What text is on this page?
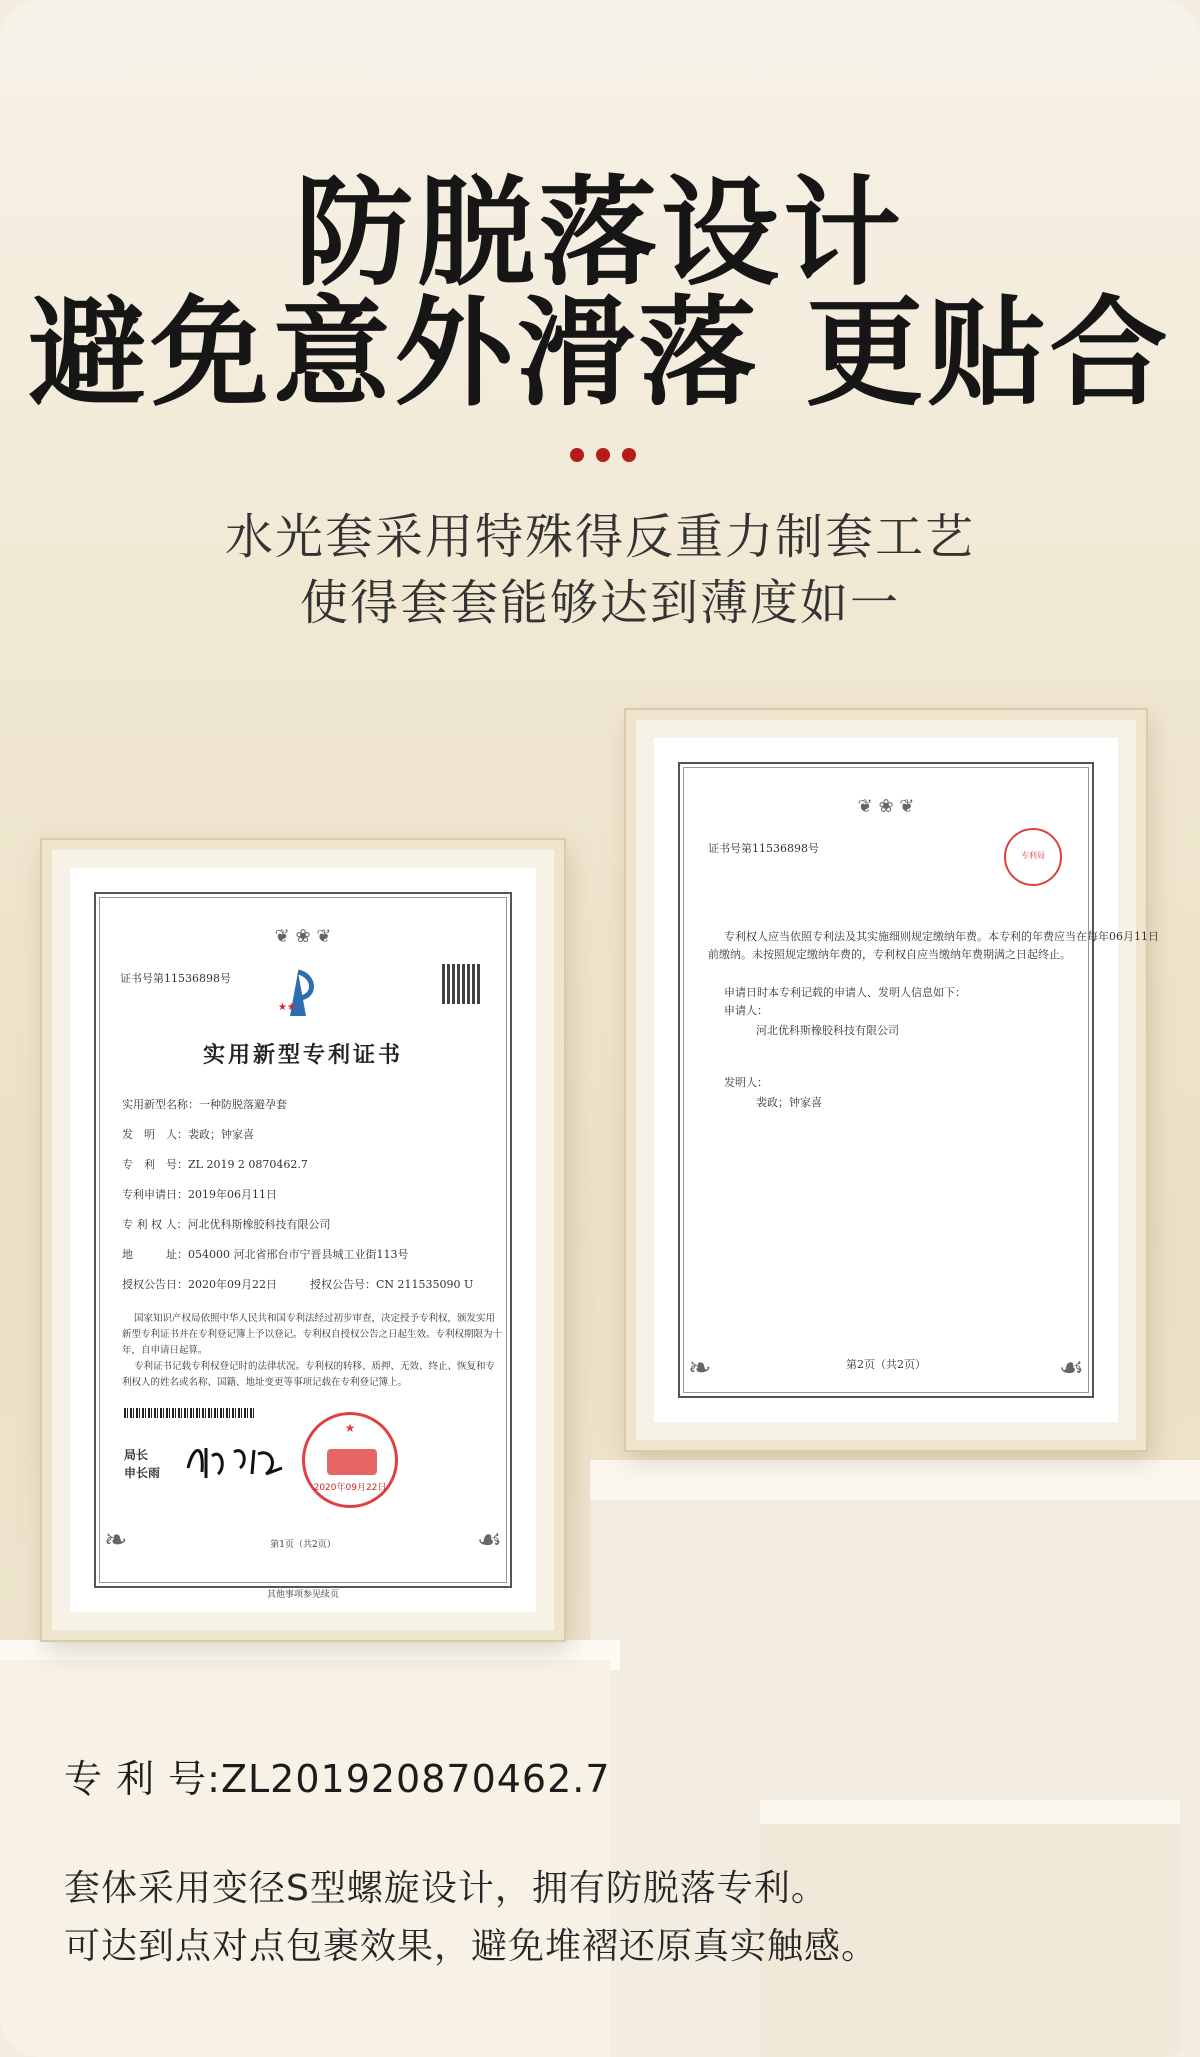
防脱落设计
避免意外滑落 更贴合
水光套采用特殊得反重力制套工艺
使得套套能够达到薄度如一
❦ ❀ ❦
❧	☙
证书号第11536898号
专利局
专利权人应当依照专利法及其实施细则规定缴纳年费。本专利的年费应当在每年06月11日
前缴纳。未按照规定缴纳年费的，专利权自应当缴纳年费期满之日起终止。
申请日时本专利记载的申请人、发明人信息如下：
申请人：
河北优科斯橡胶科技有限公司
发明人：
裴政；钟家喜
第2页（共2页）
❦ ❀ ❦
❧	☙
证书号第11536898号
★★
实用新型专利证书
实用新型名称：一种防脱落避孕套
发　明　人：裴政；钟家喜
专　利　号：ZL 2019 2 0870462.7
专利申请日：2019年06月11日
专 利 权 人：河北优科斯橡胶科技有限公司
地　　　址：054000 河北省邢台市宁晋县城工业街113号
授权公告日：2020年09月22日　　　授权公告号：CN 211535090 U
国家知识产权局依照中华人民共和国专利法经过初步审查，决定授予专利权，颁发实用
新型专利证书并在专利登记簿上予以登记。专利权自授权公告之日起生效。专利权期限为十
年，自申请日起算。
专利证书记载专利权登记时的法律状况。专利权的转移、质押、无效、终止、恢复和专
利权人的姓名或名称、国籍、地址变更等事项记载在专利登记簿上。
局长
申长雨
★
2020年09月22日
第1页（共2页）
其他事项参见续页
专 利 号:ZL201920870462.7
套体采用变径S型螺旋设计，拥有防脱落专利。
可达到点对点包裹效果，避免堆褶还原真实触感。
